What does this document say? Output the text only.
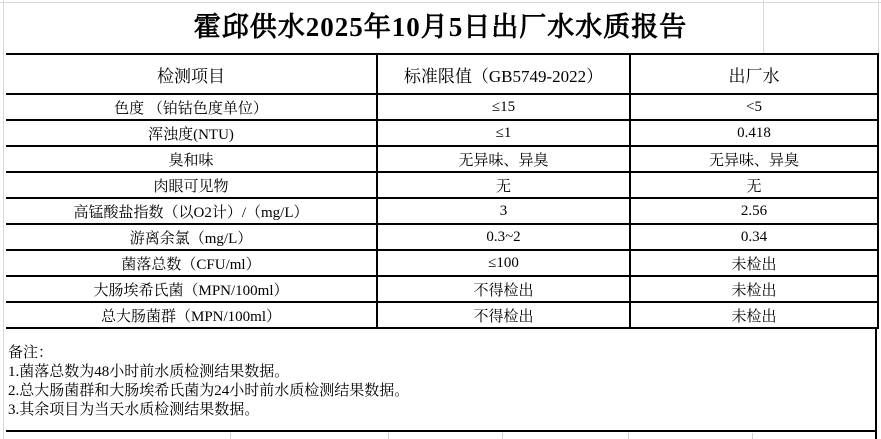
霍邱供水2025年10月5日出厂水水质报告
检测项目	标准限值（GB5749-2022）	出厂水
色度 （铂钴色度单位）	≤15	<5
浑浊度(NTU)	≤1	0.418
臭和味	无异味、异臭	无异味、异臭
肉眼可见物	无	无
高锰酸盐指数（以O2计）/（mg/L）	3	2.56
游离余氯（mg/L）	0.3~2	0.34
菌落总数（CFU/ml）	≤100	未检出
大肠埃希氏菌（MPN/100ml）	不得检出	未检出
总大肠菌群（MPN/100ml）	不得检出	未检出
备注：
1.菌落总数为48小时前水质检测结果数据。
2.总大肠菌群和大肠埃希氏菌为24小时前水质检测结果数据。
3.其余项目为当天水质检测结果数据。
